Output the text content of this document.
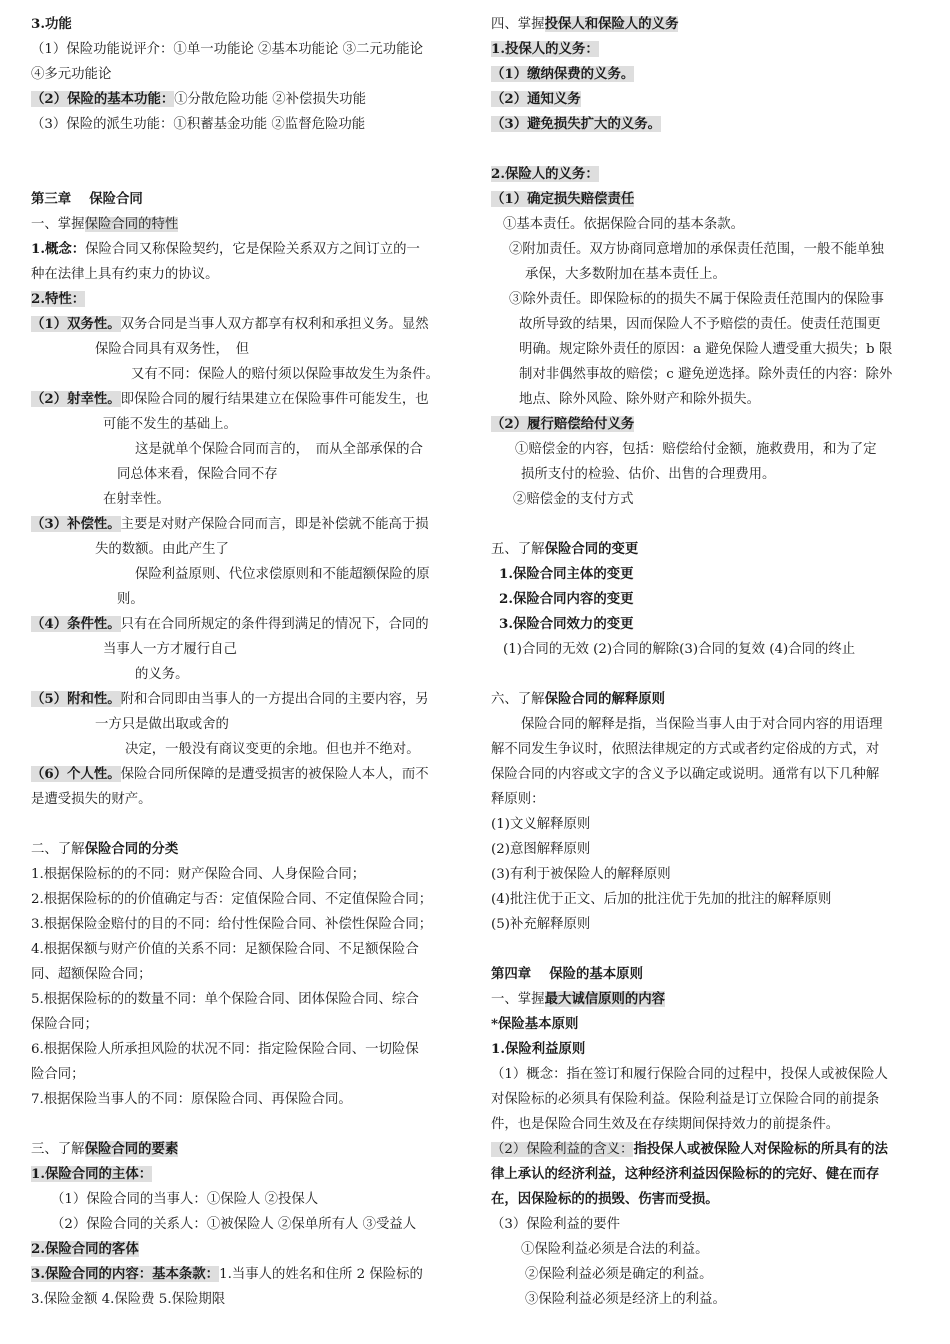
3.功能
（1）保险功能说评介：①单一功能论 ②基本功能论 ③二元功能论
④多元功能论
（2）保险的基本功能：①分散危险功能 ②补偿损失功能
（3）保险的派生功能：①积蓄基金功能 ②监督危险功能
第三章　 保险合同
一、掌握保险合同的特性
1.概念：保险合同又称保险契约，它是保险关系双方之间订立的一
种在法律上具有约束力的协议。
2.特性：
（1）双务性。双务合同是当事人双方都享有权利和承担义务。显然
保险合同具有双务性，　但
又有不同：保险人的赔付须以保险事故发生为条件。
（2）射幸性。即保险合同的履行结果建立在保险事件可能发生，也
可能不发生的基础上。
这是就单个保险合同而言的，　而从全部承保的合
同总体来看，保险合同不存
在射幸性。
（3）补偿性。主要是对财产保险合同而言，即是补偿就不能高于损
失的数额。由此产生了
保险利益原则、代位求偿原则和不能超额保险的原
则。
（4）条件性。只有在合同所规定的条件得到满足的情况下，合同的
当事人一方才履行自己
的义务。
（5）附和性。附和合同即由当事人的一方提出合同的主要内容，另
一方只是做出取或舍的
决定，一般没有商议变更的余地。但也并不绝对。
（6）个人性。保险合同所保障的是遭受损害的被保险人本人，而不
是遭受损失的财产。
二、了解保险合同的分类
1.根据保险标的的不同：财产保险合同、人身保险合同；
2.根据保险标的的价值确定与否：定值保险合同、不定值保险合同；
3.根据保险金赔付的目的不同：给付性保险合同、补偿性保险合同；
4.根据保额与财产价值的关系不同：足额保险合同、不足额保险合
同、超额保险合同；
5.根据保险标的的数量不同：单个保险合同、团体保险合同、综合
保险合同；
6.根据保险人所承担风险的状况不同：指定险保险合同、一切险保
险合同；
7.根据保险当事人的不同：原保险合同、再保险合同。
三、了解保险合同的要素
1.保险合同的主体：
（1）保险合同的当事人：①保险人 ②投保人
（2）保险合同的关系人：①被保险人 ②保单所有人 ③受益人
2.保险合同的客体
3.保险合同的内容：基本条款：1.当事人的姓名和住所 2 保险标的
3.保险金额 4.保险费 5.保险期限
四、掌握投保人和保险人的义务
1.投保人的义务：
（1）缴纳保费的义务。
（2）通知义务
（3）避免损失扩大的义务。
2.保险人的义务：
（1）确定损失赔偿责任
①基本责任。依据保险合同的基本条款。
②附加责任。双方协商同意增加的承保责任范围，一般不能单独
承保，大多数附加在基本责任上。
③除外责任。即保险标的的损失不属于保险责任范围内的保险事
故所导致的结果，因而保险人不予赔偿的责任。使责任范围更
明确。规定除外责任的原因：a 避免保险人遭受重大损失；b 限
制对非偶然事故的赔偿；c 避免逆选择。除外责任的内容：除外
地点、除外风险、除外财产和除外损失。
（2）履行赔偿给付义务
①赔偿金的内容，包括：赔偿给付金额，施救费用，和为了定
损所支付的检验、估价、出售的合理费用。
②赔偿金的支付方式
五、了解保险合同的变更
1.保险合同主体的变更
2.保险合同内容的变更
3.保险合同效力的变更
(1)合同的无效 (2)合同的解除(3)合同的复效 (4)合同的终止
六、了解保险合同的解释原则
保险合同的解释是指，当保险当事人由于对合同内容的用语理
解不同发生争议时，依照法律规定的方式或者约定俗成的方式，对
保险合同的内容或文字的含义予以确定或说明。通常有以下几种解
释原则：
(1)文义解释原则
(2)意图解释原则
(3)有利于被保险人的解释原则
(4)批注优于正文、后加的批注优于先加的批注的解释原则
(5)补充解释原则
第四章　 保险的基本原则
一、掌握最大诚信原则的内容
*保险基本原则
1.保险利益原则
（1）概念：指在签订和履行保险合同的过程中，投保人或被保险人
对保险标的必须具有保险利益。保险利益是订立保险合同的前提条
件，也是保险合同生效及在存续期间保持效力的前提条件。
（2）保险利益的含义：指投保人或被保险人对保险标的所具有的法
律上承认的经济利益，这种经济利益因保险标的的完好、健在而存
在，因保险标的的损毁、伤害而受损。
（3）保险利益的要件
①保险利益必须是合法的利益。
②保险利益必须是确定的利益。
③保险利益必须是经济上的利益。
